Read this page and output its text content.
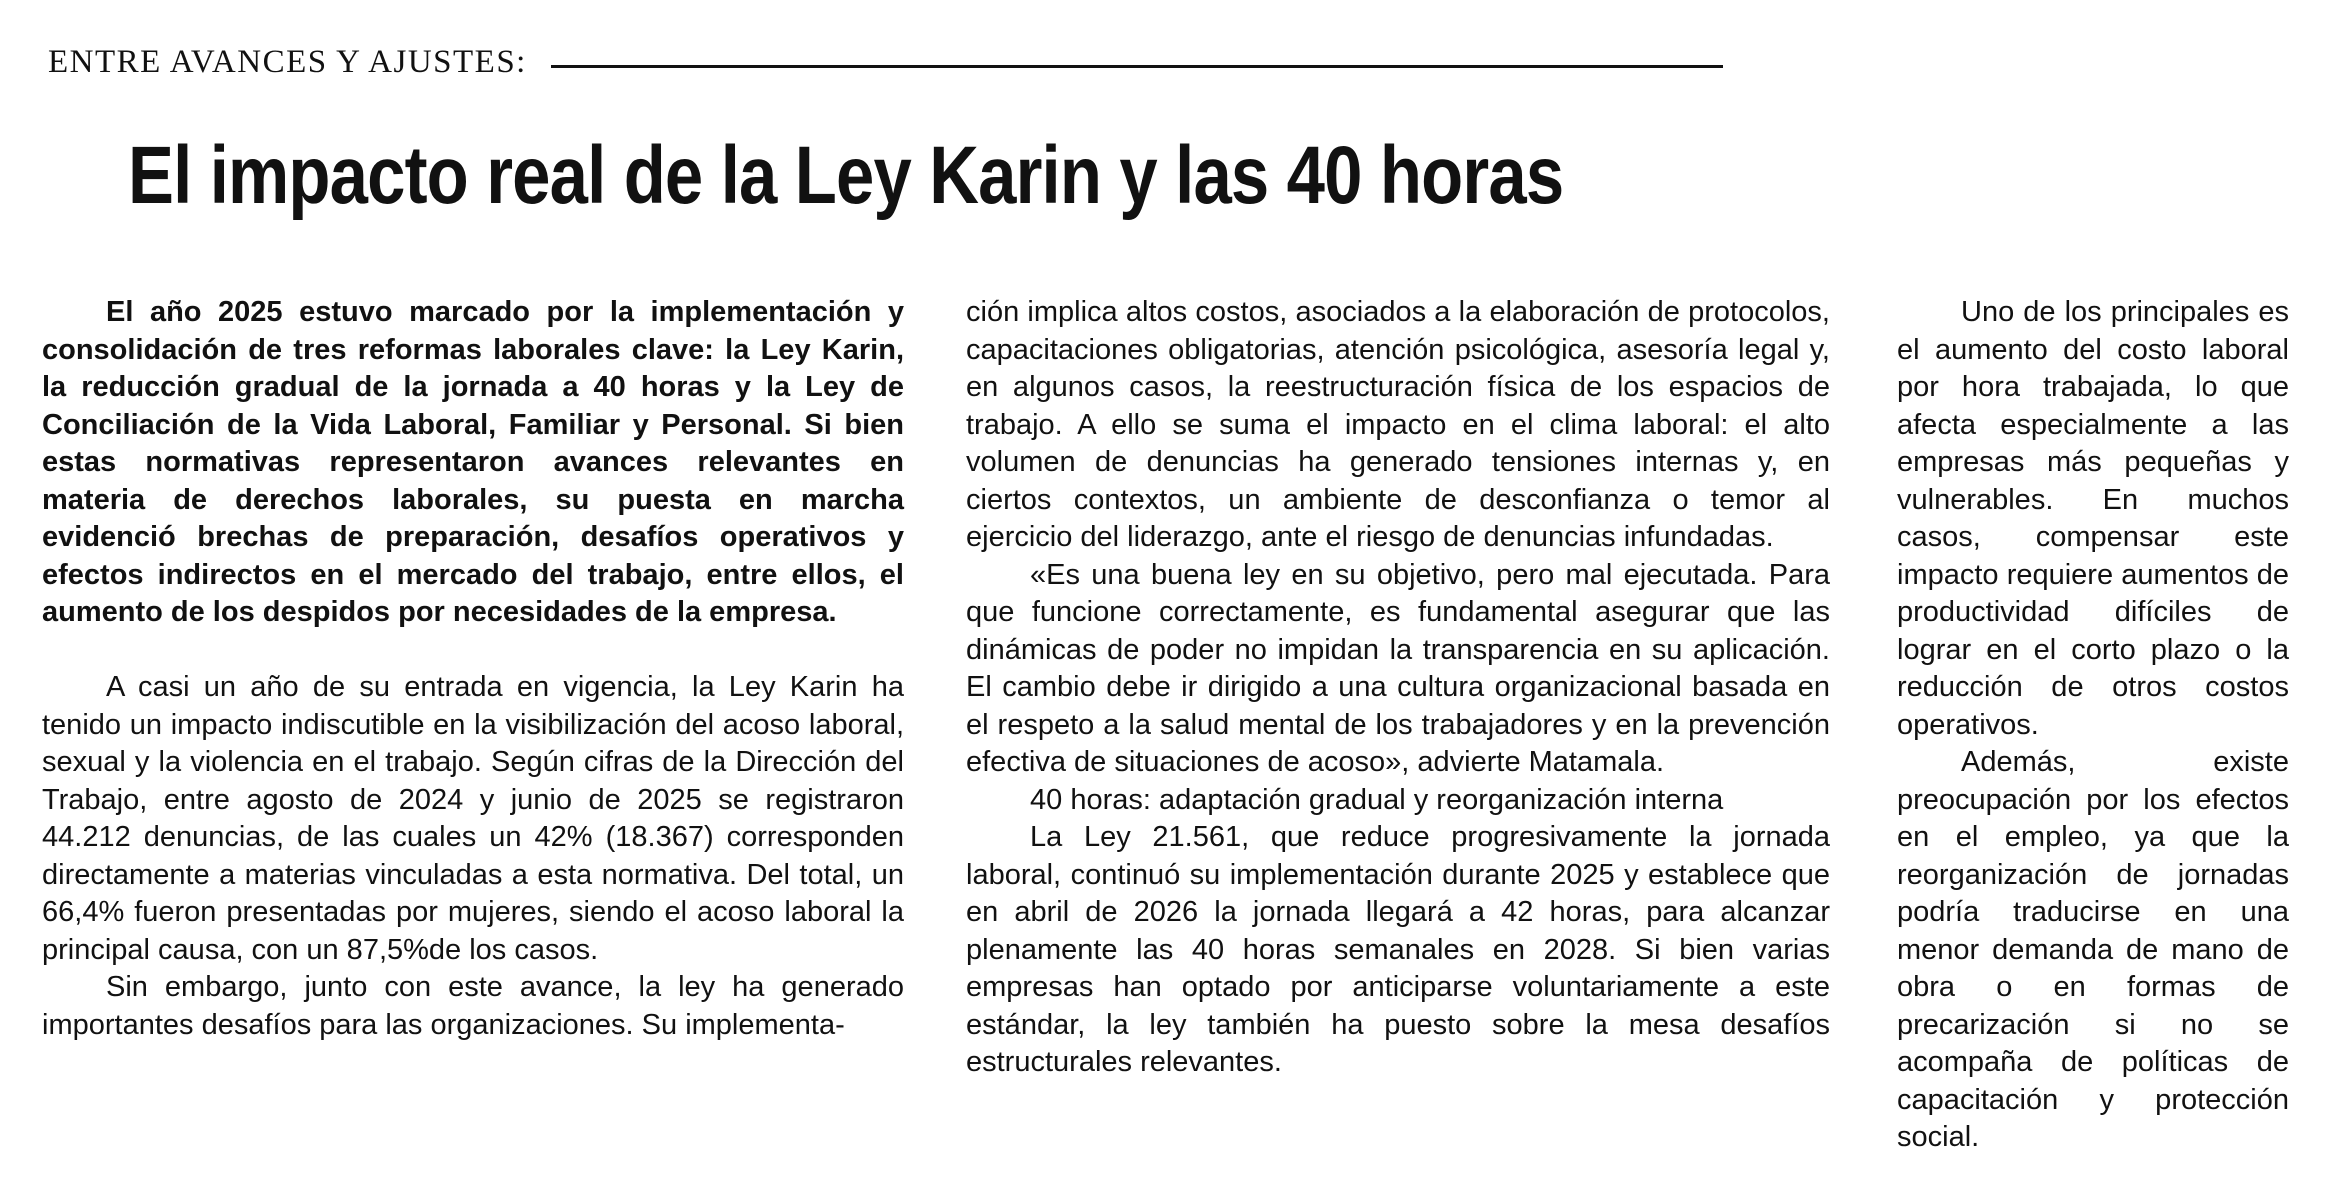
ENTRE AVANCES Y AJUSTES:
El impacto real de la Ley Karin y las 40 horas

El año 2025 estuvo marcado por la implementación y consolidación de tres reformas laborales clave: la Ley Karin, la reducción gradual de la jornada a 40 horas y la Ley de Conciliación de la Vida Laboral, Familiar y Personal. Si bien estas normativas representaron avances relevantes en materia de derechos laborales, su puesta en marcha evidenció brechas de preparación, desafíos operativos y efectos indirectos en el mercado del trabajo, entre ellos, el aumento de los despidos por necesidades de la empresa.

A casi un año de su entrada en vigencia, la Ley Karin ha tenido un impacto indiscutible en la visibilización del acoso laboral, sexual y la violencia en el trabajo. Según cifras de la Dirección del Trabajo, entre agosto de 2024 y junio de 2025 se registraron 44.212 denuncias, de las cuales un 42% (18.367) corresponden directamente a materias vinculadas a esta normativa. Del total, un 66,4% fueron presentadas por mujeres, siendo el acoso laboral la principal causa, con un 87,5%de los casos.

Sin embargo, junto con este avance, la ley ha generado importantes desafíos para las organizaciones. Su implementa-

ción implica altos costos, asociados a la elaboración de protocolos, capacitaciones obligatorias, atención psicológica, asesoría legal y, en algunos casos, la reestructuración física de los espacios de trabajo. A ello se suma el impacto en el clima laboral: el alto volumen de denuncias ha generado tensiones internas y, en ciertos contextos, un ambiente de desconfianza o temor al ejercicio del liderazgo, ante el riesgo de denuncias infundadas.

«Es una buena ley en su objetivo, pero mal ejecutada. Para que funcione correctamente, es fundamental asegurar que las dinámicas de poder no impidan la transparencia en su aplicación. El cambio debe ir dirigido a una cultura organizacional basada en el respeto a la salud mental de los trabajadores y en la prevención efectiva de situaciones de acoso», advierte Matamala.

40 horas: adaptación gradual y reorganización interna

La Ley 21.561, que reduce progresivamente la jornada laboral, continuó su implementación durante 2025 y establece que en abril de 2026 la jornada llegará a 42 horas, para alcanzar plenamente las 40 horas semanales en 2028. Si bien varias empresas han optado por anticiparse voluntariamente a este estándar, la ley también ha puesto sobre la mesa desafíos estructurales relevantes.

Uno de los principales es el aumento del costo laboral por hora trabajada, lo que afecta especialmente a las empresas más pequeñas y vulnerables. En muchos casos, compensar este impacto requiere aumentos de productividad difíciles de lograr en el corto plazo o la reducción de otros costos operativos.

Además, existe preocupación por los efectos en el empleo, ya que la reorganización de jornadas podría traducirse en una menor demanda de mano de obra o en formas de precarización si no se acompaña de políticas de capacitación y protección social.
